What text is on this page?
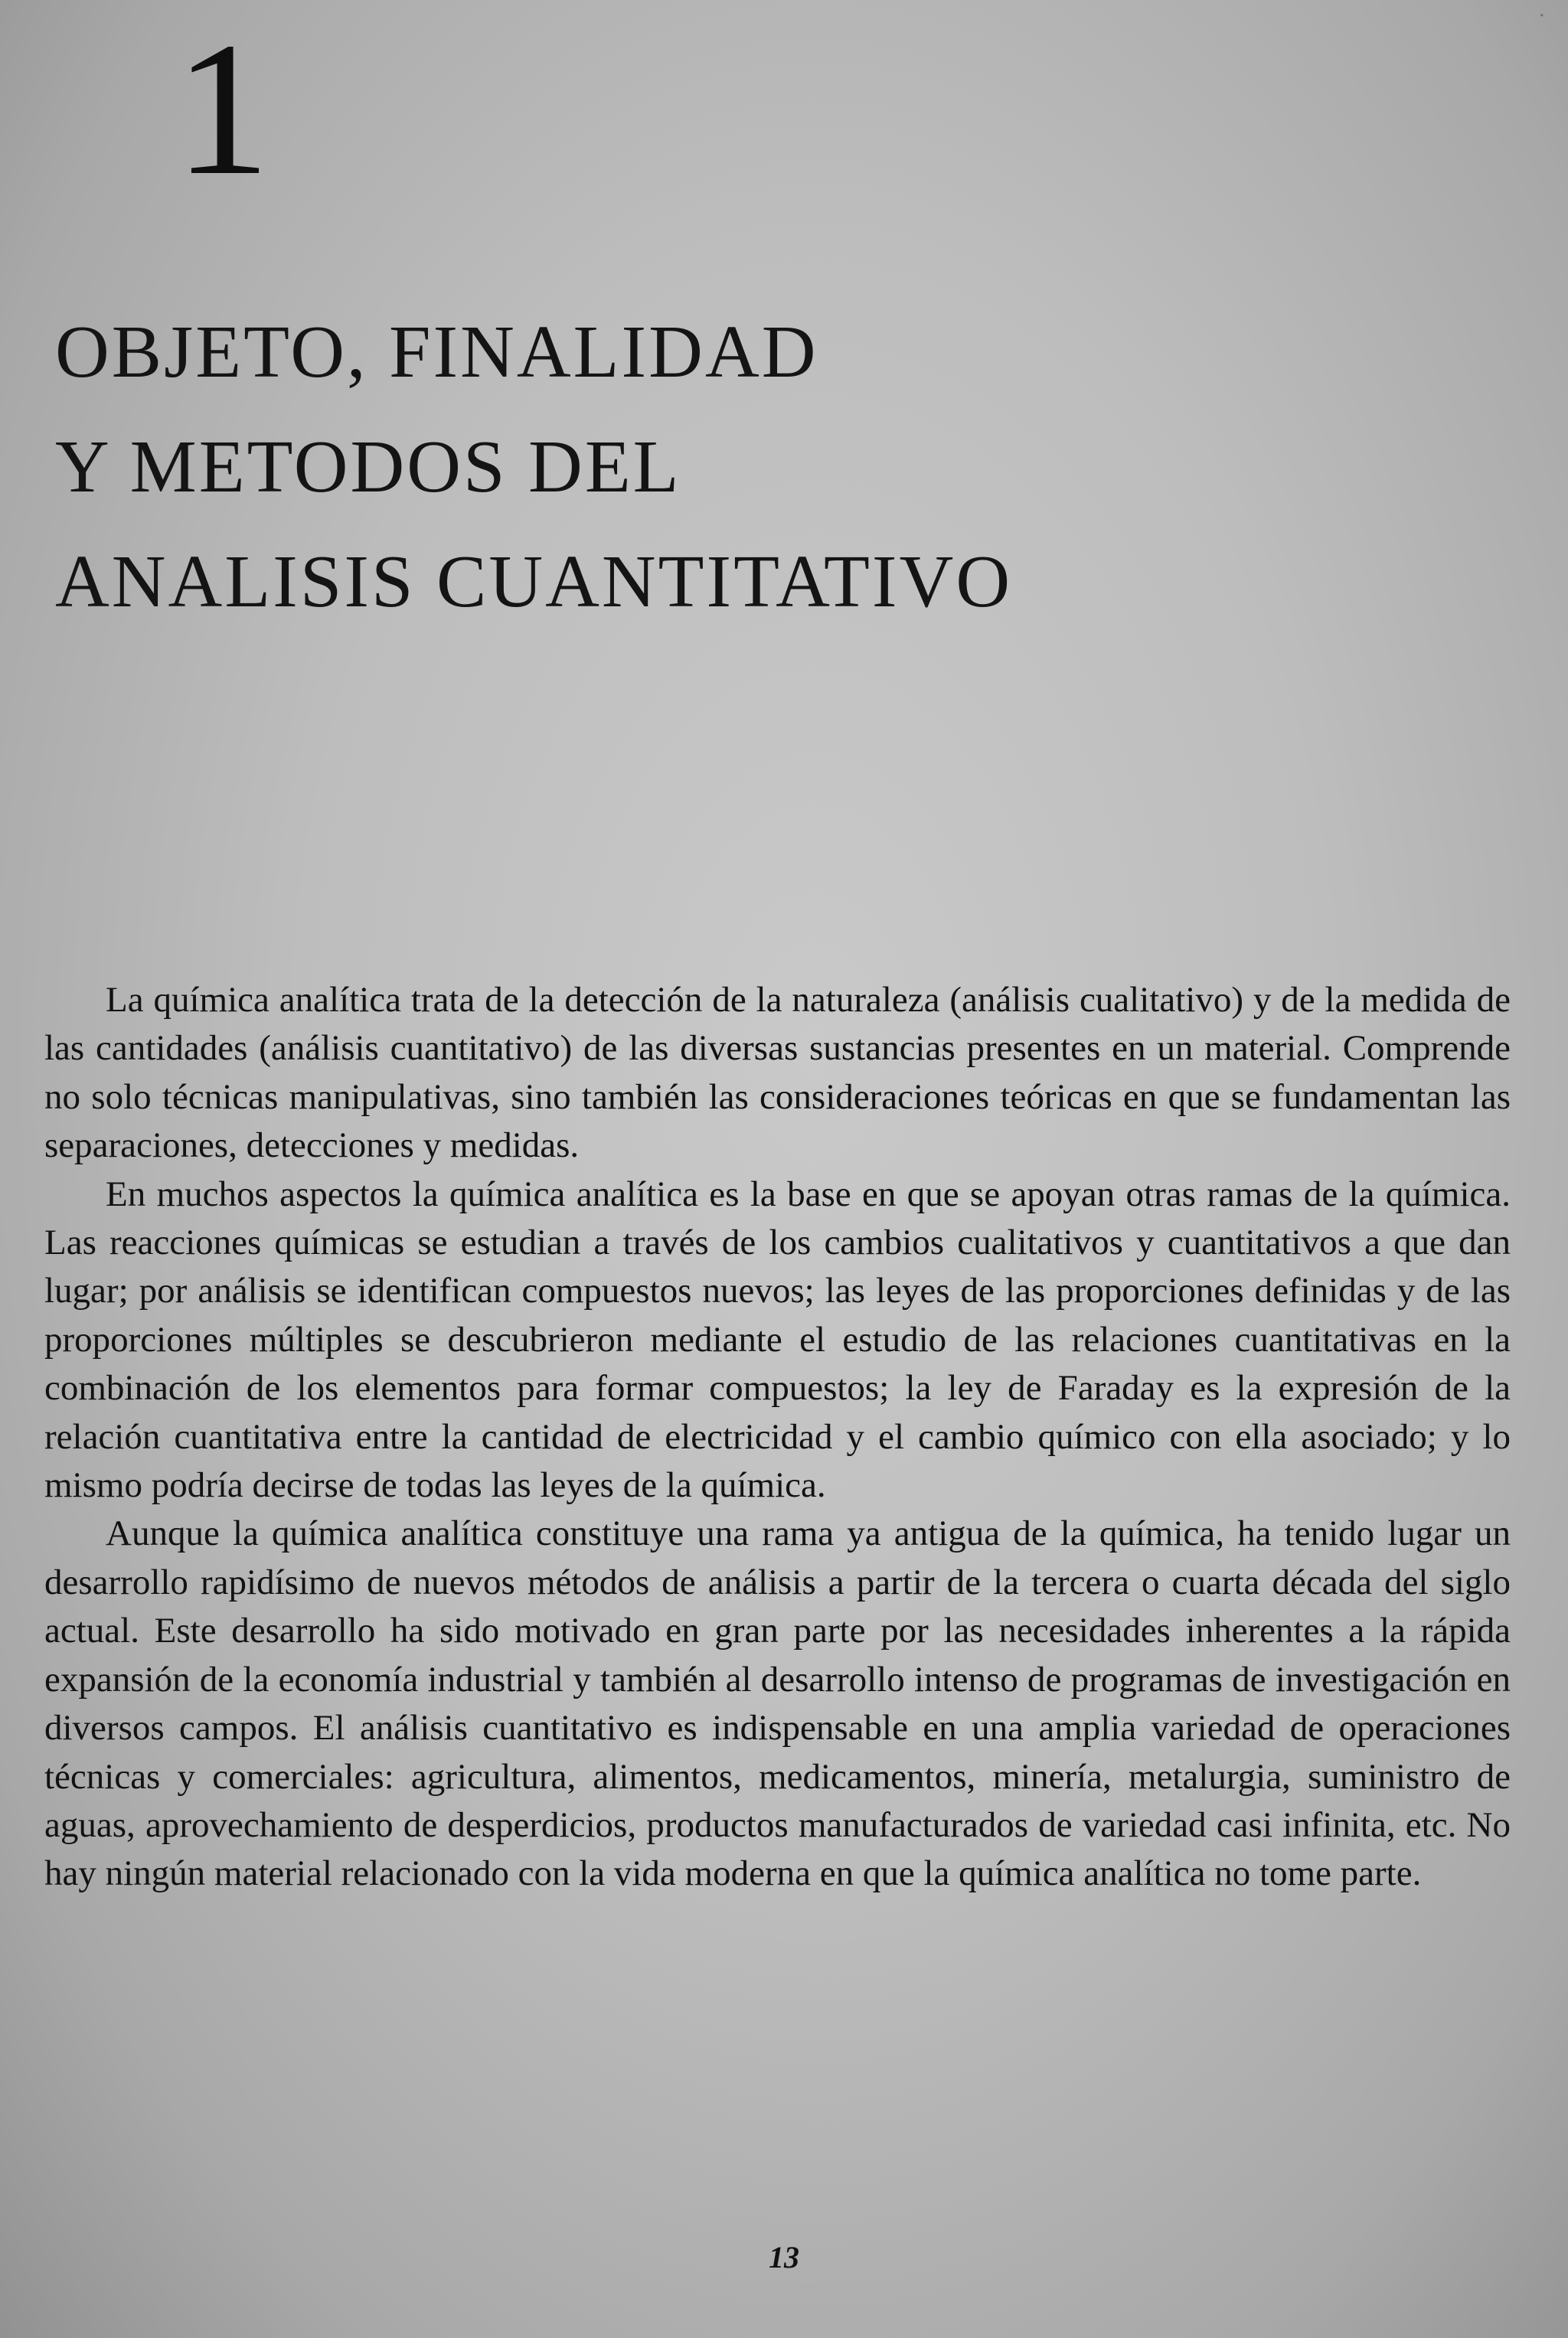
·
1
OBJETO, FINALIDAD
Y METODOS DEL
ANALISIS CUANTITATIVO

La química analítica trata de la detección de la naturaleza (análisis cualitativo) y de la medida de las cantidades (análisis cuantitativo) de las diversas sustancias presentes en un material. Comprende no solo técnicas manipulativas, sino también las consideraciones teóricas en que se fundamentan las separaciones, detecciones y medidas.

En muchos aspectos la química analítica es la base en que se apoyan otras ramas de la química. Las reacciones químicas se estudian a través de los cambios cualitativos y cuantitativos a que dan lugar; por análisis se identifican compuestos nuevos; las leyes de las proporciones definidas y de las proporciones múltiples se descubrieron mediante el estudio de las relaciones cuantitativas en la combinación de los elementos para formar compuestos; la ley de Faraday es la expresión de la relación cuantitativa entre la cantidad de electricidad y el cambio químico con ella asociado; y lo mismo podría decirse de todas las leyes de la química.

Aunque la química analítica constituye una rama ya antigua de la química, ha tenido lugar un desarrollo rapidísimo de nuevos métodos de análisis a partir de la tercera o cuarta década del siglo actual. Este desarrollo ha sido motivado en gran parte por las necesidades inherentes a la rápida expansión de la economía industrial y también al desarrollo intenso de programas de investigación en diversos campos. El análisis cuantitativo es indispensable en una amplia variedad de operaciones técnicas y comerciales: agricultura, alimentos, medicamentos, minería, metalurgia, suministro de aguas, aprovechamiento de desperdicios, productos manufacturados de variedad casi infinita, etc. No hay ningún material relacionado con la vida moderna en que la química analítica no tome parte.

13
